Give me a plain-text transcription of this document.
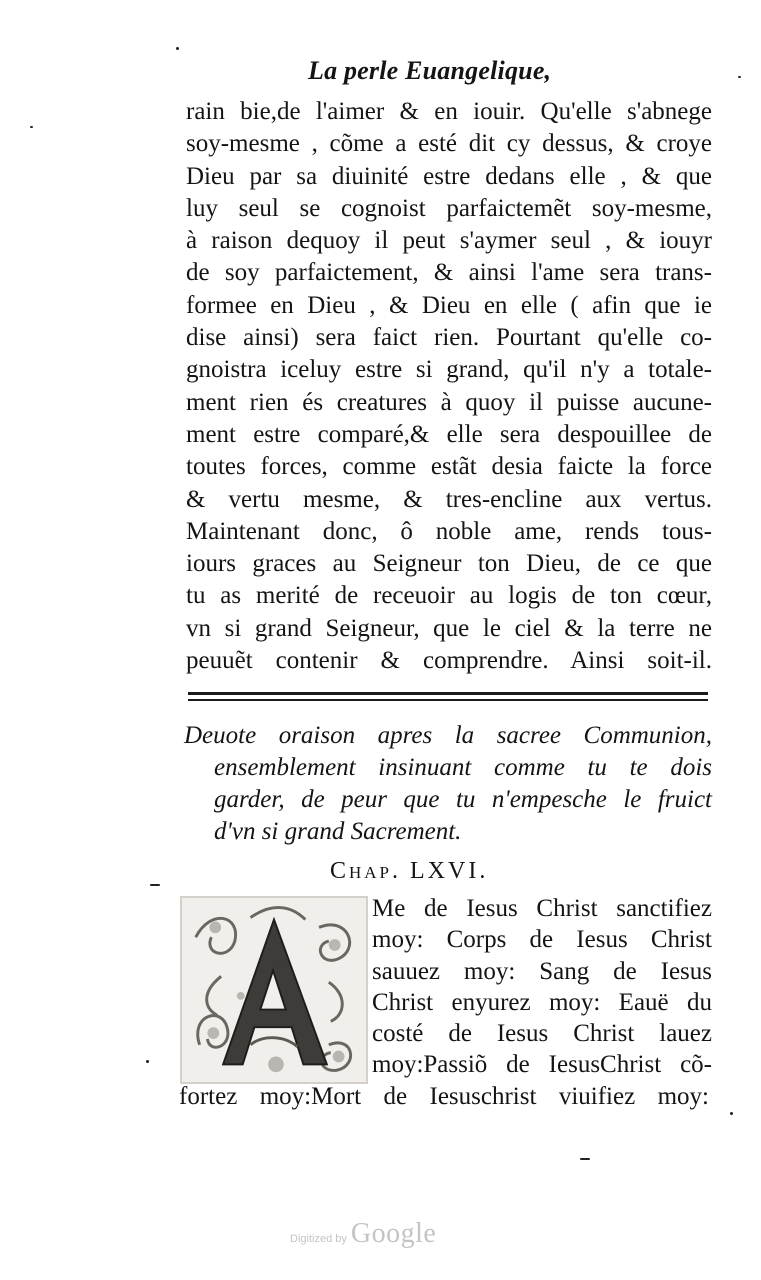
La perle Euangelique,
rain bie,de l'aimer & en iouir. Qu'elle s'abnege
soy-mesme , cõme a esté dit cy dessus, & croye
Dieu par sa diuinité estre dedans elle , & que
luy seul se cognoist parfaictemẽt soy-mesme,
à raison dequoy il peut s'aymer seul , & iouyr
de soy parfaictement, & ainsi l'ame sera trans-
formee en Dieu , & Dieu en elle ( afin que ie
dise ainsi) sera faict rien. Pourtant qu'elle co-
gnoistra iceluy estre si grand, qu'il n'y a totale-
ment rien és creatures à quoy il puisse aucune-
ment estre comparé,& elle sera despouillee de
toutes forces, comme estãt desia faicte la force
& vertu mesme, & tres-encline aux vertus.
Maintenant donc, ô noble ame, rends tous-
iours graces au Seigneur ton Dieu, de ce que
tu as merité de receuoir au logis de ton cœur,
vn si grand Seigneur, que le ciel & la terre ne
peuuẽt contenir & comprendre. Ainsi soit-il.
Deuote oraison apres la sacree Communion,
ensemblement insinuant comme tu te dois
garder, de peur que tu n'empesche le fruict
d'vn si grand Sacrement.
Chap. LXVI.
Me de Iesus Christ sanctifiez
moy: Corps de Iesus Christ
sauuez moy: Sang de Iesus
Christ enyurez moy: Eauë du
costé de Iesus Christ lauez
moy:Passiõ de IesusChrist cõ-
fortez moy:Mort de Iesuschrist viuifiez moy:
Digitized by Google
